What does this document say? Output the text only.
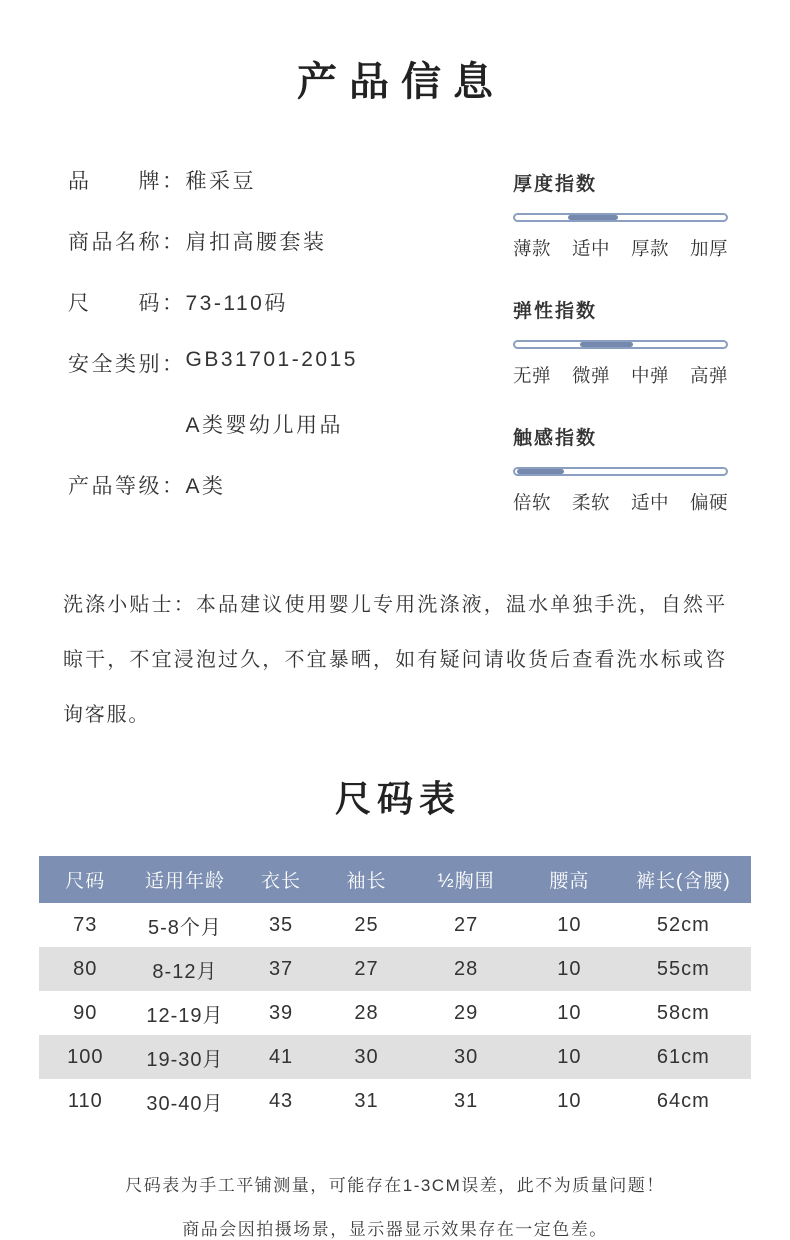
产品信息
品　　牌： 稚采豆
商品名称： 肩扣高腰套装
尺　　码： 73-110码
安全类别： GB31701-2015

A类婴幼儿用品
产品等级： A类
厚度指数
薄款 适中 厚款 加厚
弹性指数
无弹 微弹 中弹 高弹
触感指数
倍软 柔软 适中 偏硬
洗涤小贴士：本品建议使用婴儿专用洗涤液，温水单独手洗，自然平晾干，不宜浸泡过久，不宜暴晒，如有疑问请收货后查看洗水标或咨询客服。
尺码表
尺码	适用年龄	衣长	袖长	½胸围	腰高	裤长(含腰)
73	5-8个月	35	25	27	10	52cm
80	8-12月	37	27	28	10	55cm
90	12-19月	39	28	29	10	58cm
100	19-30月	41	30	30	10	61cm
110	30-40月	43	31	31	10	64cm
尺码表为手工平铺测量，可能存在1-3CM误差，此不为质量问题！
商品会因拍摄场景，显示器显示效果存在一定色差。
